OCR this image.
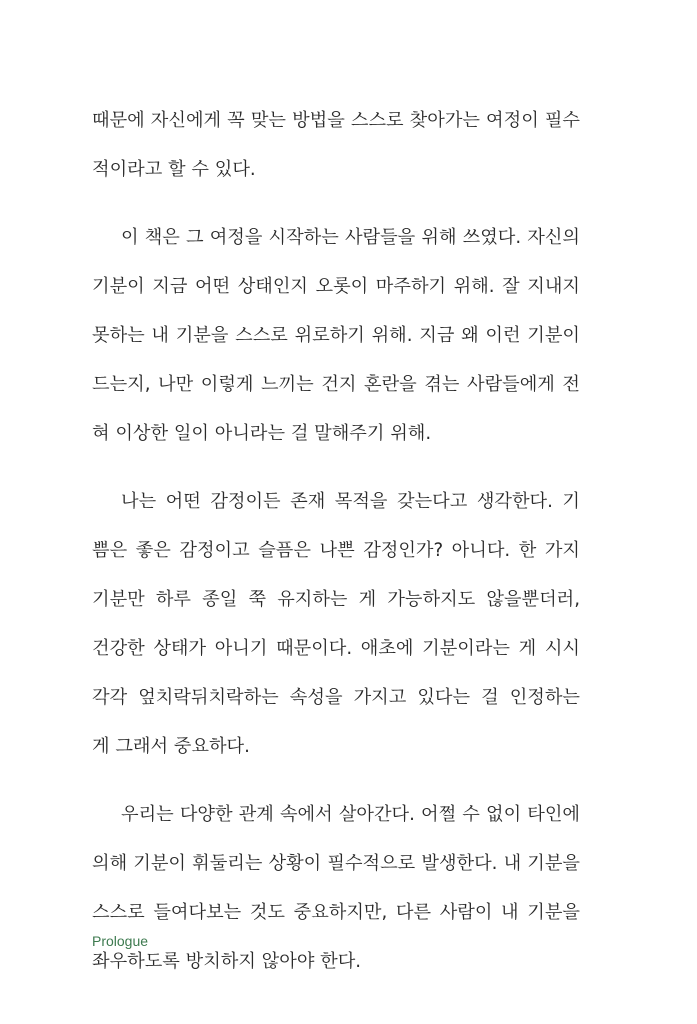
때문에 자신에게 꼭 맞는 방법을 스스로 찾아가는 여정이 필수
적이라고 할 수 있다.
이 책은 그 여정을 시작하는 사람들을 위해 쓰였다. 자신의
기분이 지금 어떤 상태인지 오롯이 마주하기 위해. 잘 지내지
못하는 내 기분을 스스로 위로하기 위해. 지금 왜 이런 기분이
드는지, 나만 이렇게 느끼는 건지 혼란을 겪는 사람들에게 전
혀 이상한 일이 아니라는 걸 말해주기 위해.
나는 어떤 감정이든 존재 목적을 갖는다고 생각한다. 기
쁨은 좋은 감정이고 슬픔은 나쁜 감정인가? 아니다. 한 가지
기분만 하루 종일 쭉 유지하는 게 가능하지도 않을뿐더러,
건강한 상태가 아니기 때문이다. 애초에 기분이라는 게 시시
각각 엎치락뒤치락하는 속성을 가지고 있다는 걸 인정하는
게 그래서 중요하다.
우리는 다양한 관계 속에서 살아간다. 어쩔 수 없이 타인에
의해 기분이 휘둘리는 상황이 필수적으로 발생한다. 내 기분을
스스로 들여다보는 것도 중요하지만, 다른 사람이 내 기분을
좌우하도록 방치하지 않아야 한다.
Prologue
